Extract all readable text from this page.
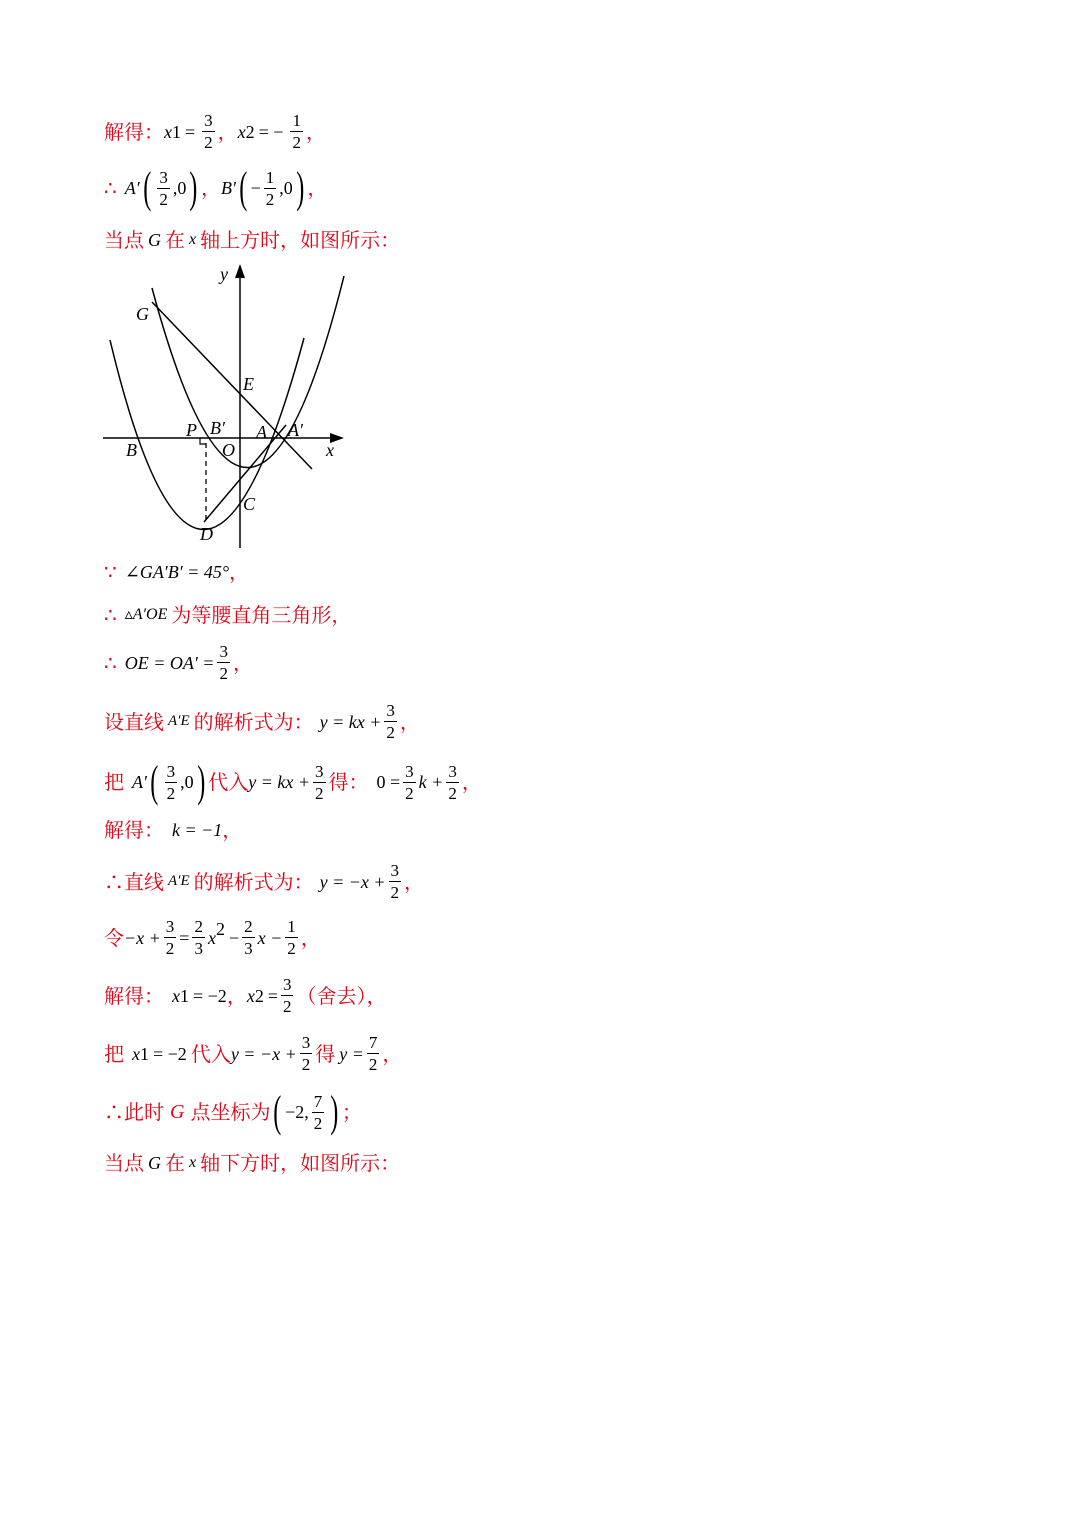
解得： x $1 = \frac{3}{2}$ ， x 2 = − $\frac{1}{2}$ ，
∴ A′ ( $\frac{3}{2} ,0$ ) ， B′ ( − $\frac{1}{2} ,0$ ) ，
当点 G 在 x 轴上方时，如图所示：
y
x
G
E
P B′ A A′
B	O
C
D
∵ ∠GA′B′ = 45° ，
∴ ▵A′OE 为等腰直角三角形，
∴ OE = $OA' = \frac{3}{2}$ ，
设直线 A′E 的解析式为： y = kx + $\frac{3}{2}$ ，
把 A′ ( $\frac{3}{2} ,0$ ) 代入 y = kx + $\frac{3}{2}$ 得： $0 = \frac{3}{2}$ $k + \frac{3}{2}$ ，
解得： k = −1 ，
∴直线 A′E 的解析式为： $y = -x + \frac{3}{2}$ ，
令 $-x + \frac{3}{2} = \frac{2}{3}$ x $2 - \frac{2}{3}$ $x - \frac{1}{2}$ ，
解得： x 1 = −2 ， x $2 = \frac{3}{2}$ （舍去），
把 x 1 = −2 代入 $y = -x + \frac{3}{2}$ 得 $y = \frac{7}{2}$ ，
∴此时 G 点坐标为 ( −2, $\frac{7}{2}$ ) ；
当点 G 在 x 轴下方时，如图所示：
